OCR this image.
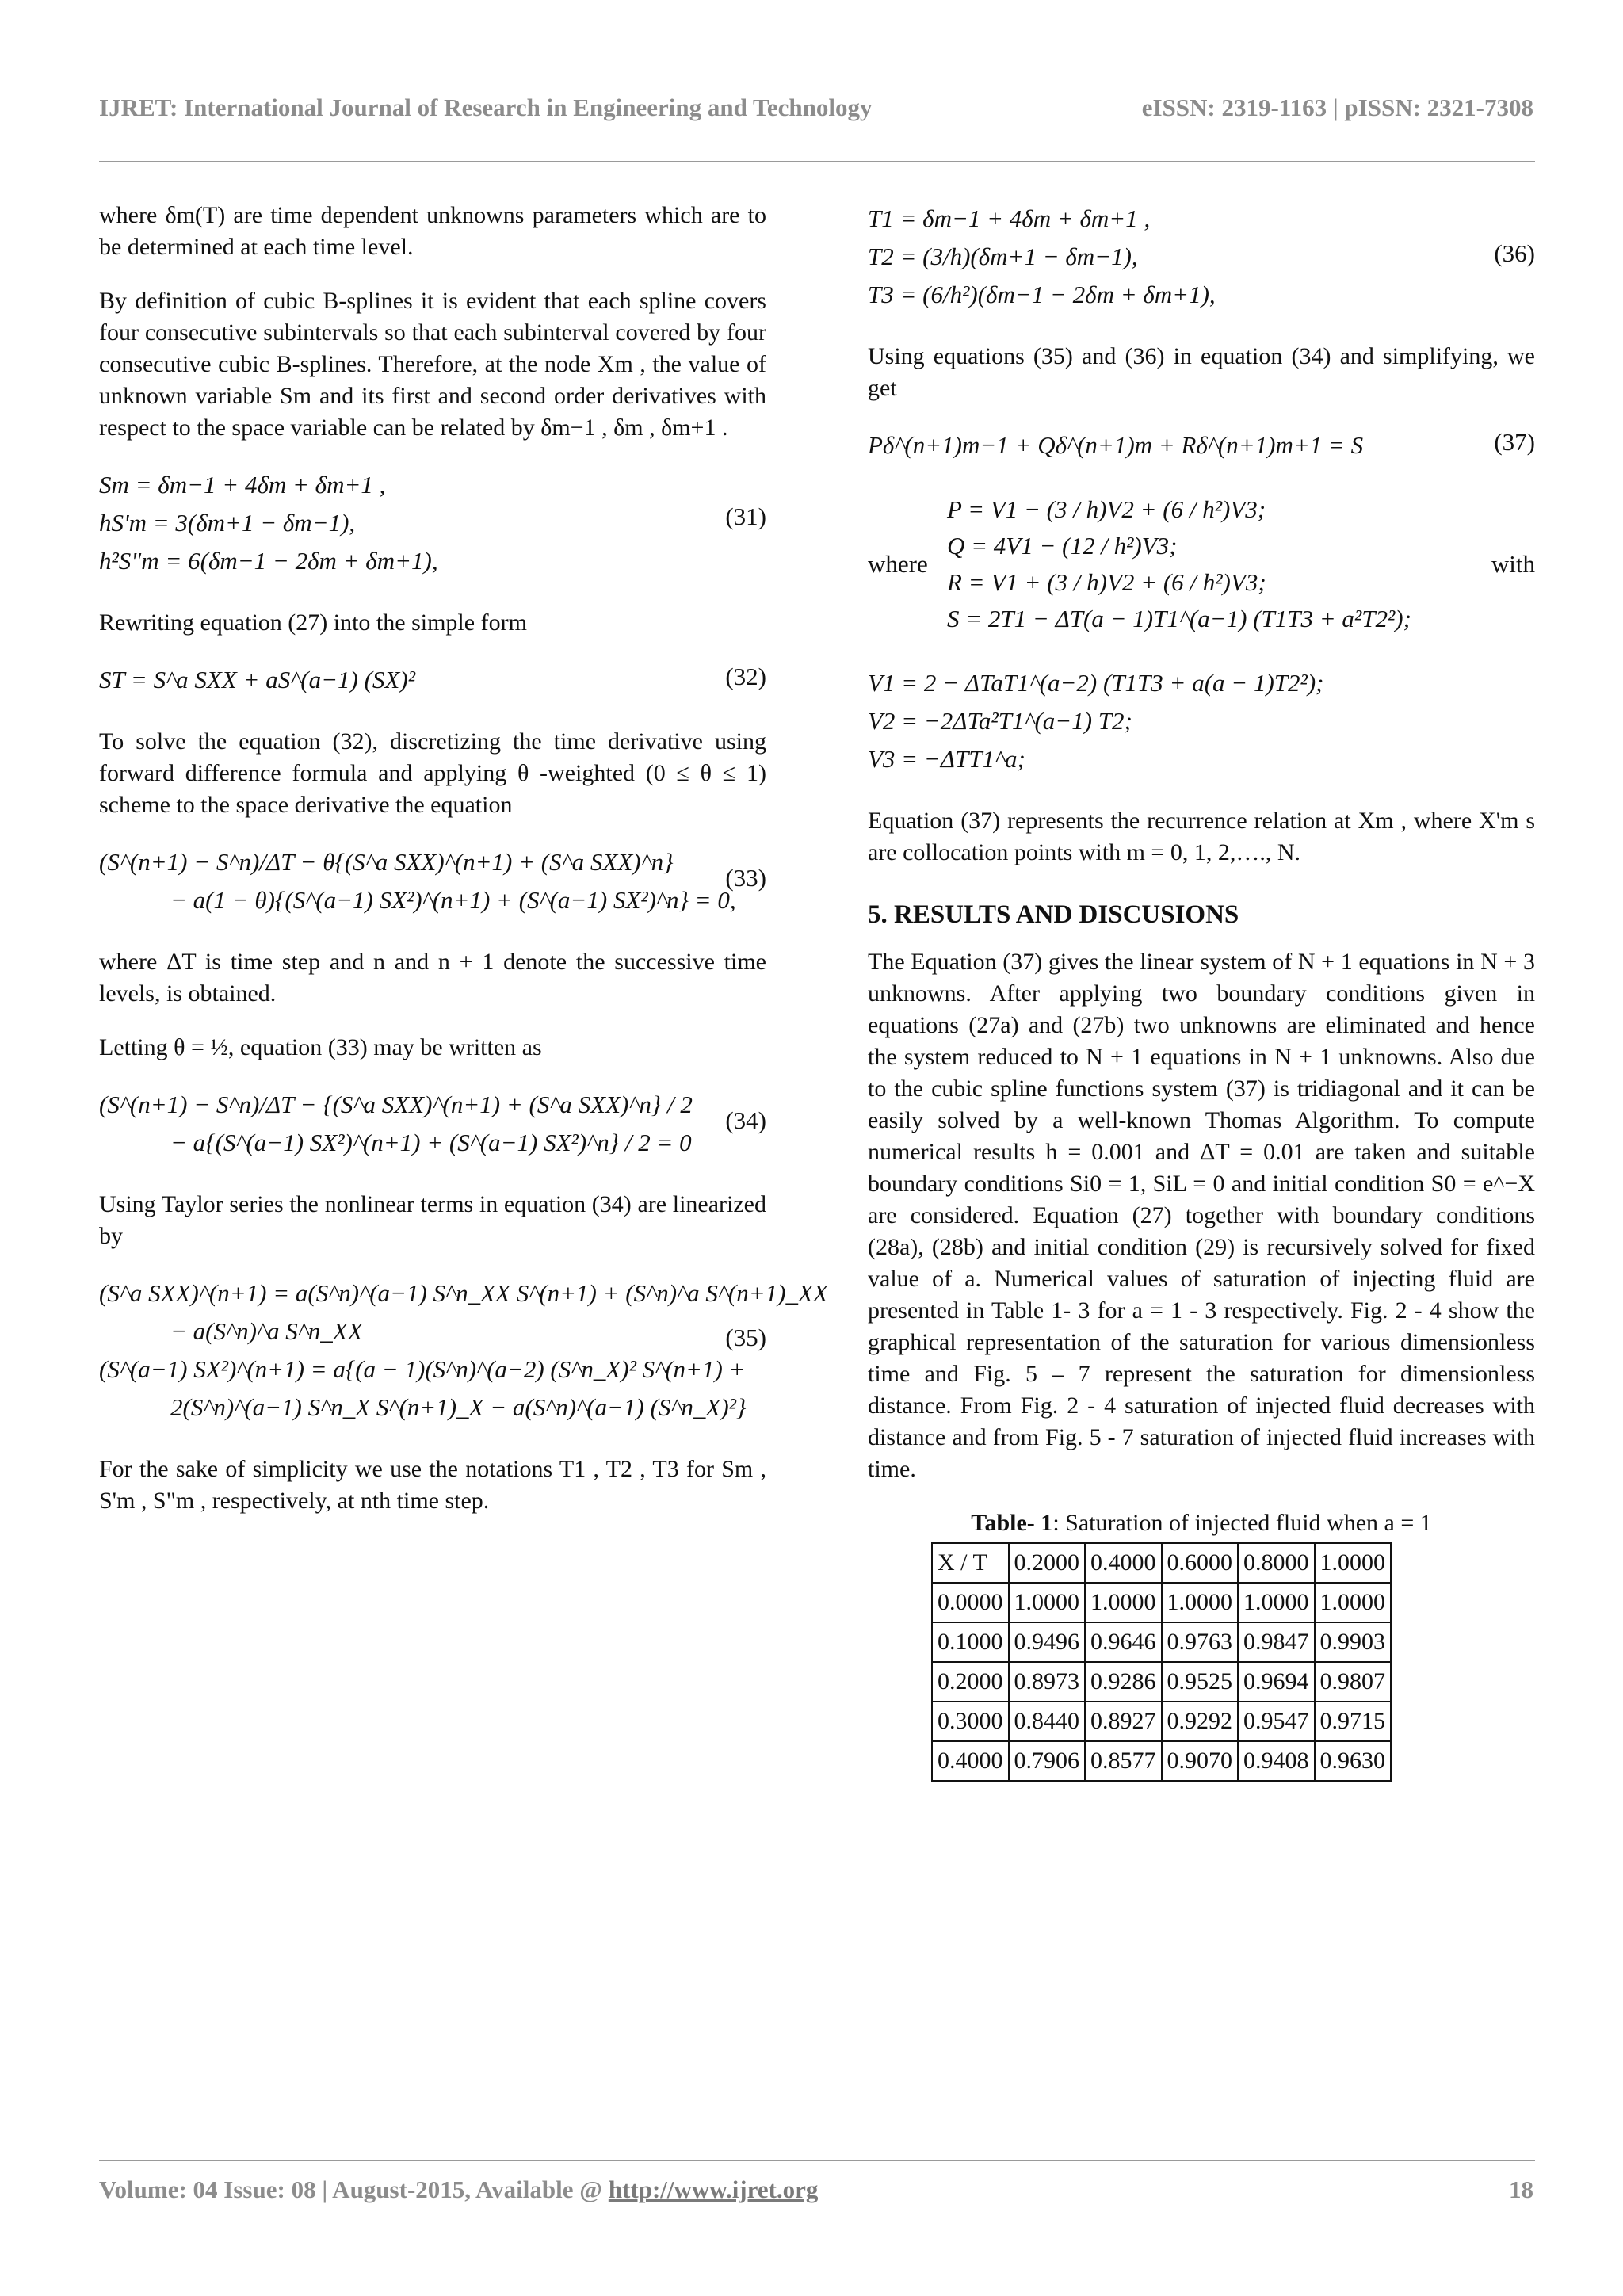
IJRET: International Journal of Research in Engineering and Technology	eISSN: 2319-1163 | pISSN: 2321-7308

where δm(T) are time dependent unknowns parameters which are to be determined at each time level.

By definition of cubic B-splines it is evident that each spline covers four consecutive subintervals so that each subinterval covered by four consecutive cubic B-splines. Therefore, at the node Xm , the value of unknown variable Sm and its first and second order derivatives with respect to the space variable can be related by δm−1 , δm , δm+1 .

(31)
Sm = δm−1 + 4δm + δm+1 ,
hS'm = 3(δm+1 − δm−1),
h²S"m = 6(δm−1 − 2δm + δm+1),

Rewriting equation (27) into the simple form

(32)
ST = S^a SXX + aS^(a−1) (SX)²

To solve the equation (32), discretizing the time derivative using forward difference formula and applying θ -weighted (0 ≤ θ ≤ 1) scheme to the space derivative the equation

(33)
(S^(n+1) − S^n)/ΔT − θ{(S^a SXX)^(n+1) + (S^a SXX)^n}
− a(1 − θ){(S^(a−1) SX²)^(n+1) + (S^(a−1) SX²)^n} = 0,

where ΔT is time step and n and n + 1 denote the successive time levels, is obtained.

Letting θ = ½, equation (33) may be written as

(34)
(S^(n+1) − S^n)/ΔT − {(S^a SXX)^(n+1) + (S^a SXX)^n} / 2
− a{(S^(a−1) SX²)^(n+1) + (S^(a−1) SX²)^n} / 2 = 0

Using Taylor series the nonlinear terms in equation (34) are linearized by

(35)
(S^a SXX)^(n+1) = a(S^n)^(a−1) S^n_XX S^(n+1) + (S^n)^a S^(n+1)_XX
− a(S^n)^a S^n_XX
(S^(a−1) SX²)^(n+1) = a{(a − 1)(S^n)^(a−2) (S^n_X)² S^(n+1) +
2(S^n)^(a−1) S^n_X S^(n+1)_X − a(S^n)^(a−1) (S^n_X)²}

For the sake of simplicity we use the notations T1 , T2 , T3 for Sm , S'm , S"m , respectively, at nth time step.

(36)
T1 = δm−1 + 4δm + δm+1 ,
T2 = (3/h)(δm+1 − δm−1),
T3 = (6/h²)(δm−1 − 2δm + δm+1),

Using equations (35) and (36) in equation (34) and simplifying, we get

(37)
Pδ^(n+1)m−1 + Qδ^(n+1)m + Rδ^(n+1)m+1 = S
where
P = V1 − (3 / h)V2 + (6 / h²)V3;
Q = 4V1 − (12 / h²)V3;
R = V1 + (3 / h)V2 + (6 / h²)V3;
S = 2T1 − ΔT(a − 1)T1^(a−1) (T1T3 + a²T2²);
with
V1 = 2 − ΔTaT1^(a−2) (T1T3 + a(a − 1)T2²);
V2 = −2ΔTa²T1^(a−1) T2;
V3 = −ΔTT1^a;

Equation (37) represents the recurrence relation at Xm , where X'm s are collocation points with m = 0, 1, 2,…., N.

5. RESULTS AND DISCUSIONS

The Equation (37) gives the linear system of N + 1 equations in N + 3 unknowns. After applying two boundary conditions given in equations (27a) and (27b) two unknowns are eliminated and hence the system reduced to N + 1 equations in N + 1 unknowns. Also due to the cubic spline functions system (37) is tridiagonal and it can be easily solved by a well-known Thomas Algorithm. To compute numerical results h = 0.001 and ΔT = 0.01 are taken and suitable boundary conditions Si0 = 1, SiL = 0 and initial condition S0 = e^−X are considered. Equation (27) together with boundary conditions (28a), (28b) and initial condition (29) is recursively solved for fixed value of a. Numerical values of saturation of injecting fluid are presented in Table 1- 3 for a = 1 - 3 respectively. Fig. 2 - 4 show the graphical representation of the saturation for various dimensionless time and Fig. 5 – 7 represent the saturation for dimensionless distance. From Fig. 2 - 4 saturation of injected fluid decreases with distance and from Fig. 5 - 7 saturation of injected fluid increases with time.

Table- 1: Saturation of injected fluid when a = 1
X / T	0.2000	0.4000	0.6000	0.8000	1.0000
0.0000	1.0000	1.0000	1.0000	1.0000	1.0000
0.1000	0.9496	0.9646	0.9763	0.9847	0.9903
0.2000	0.8973	0.9286	0.9525	0.9694	0.9807
0.3000	0.8440	0.8927	0.9292	0.9547	0.9715
0.4000	0.7906	0.8577	0.9070	0.9408	0.9630
Volume: 04 Issue: 08 | August-2015, Available @ http://www.ijret.org	18
